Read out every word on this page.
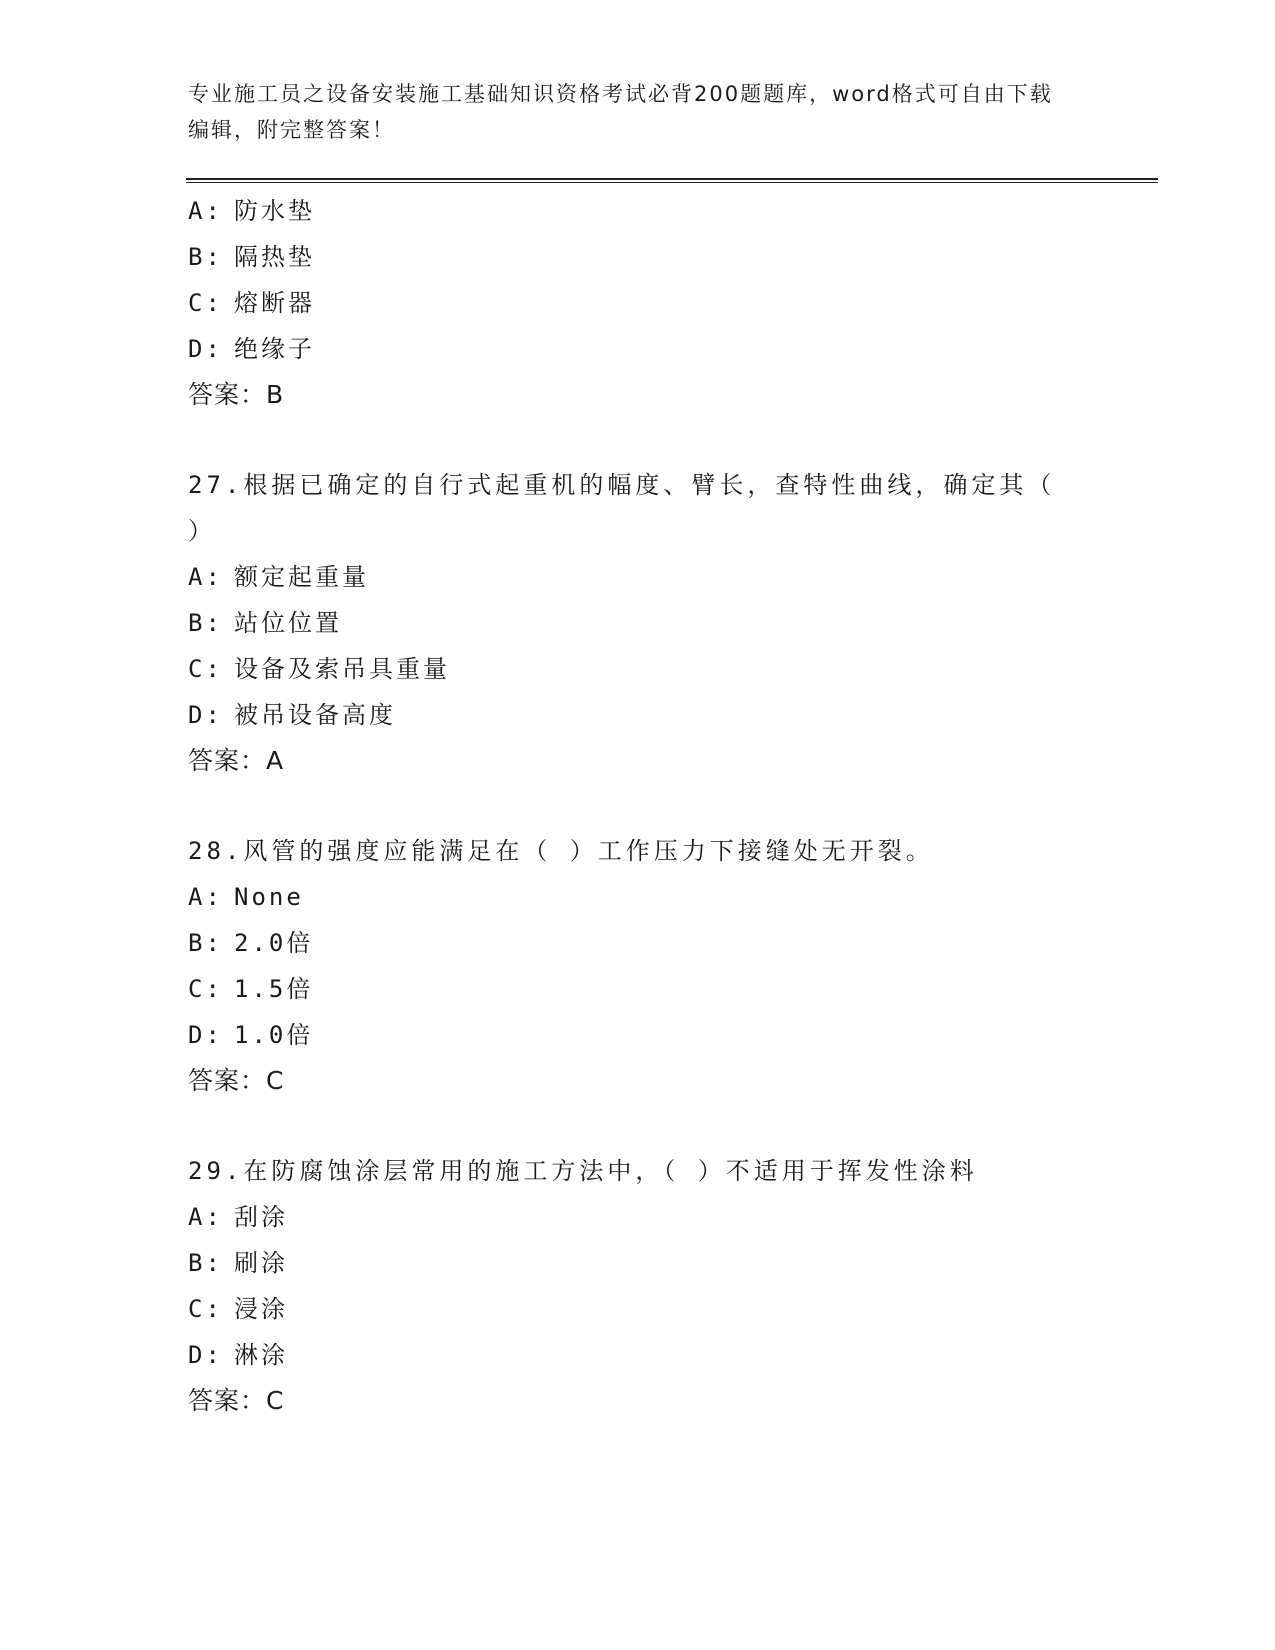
专业施工员之设备安装施工基础知识资格考试必背200题题库，word格式可自由下载编辑，附完整答案！
A: 防水垫
B: 隔热垫
C: 熔断器
D: 绝缘子
答案：B
27.根据已确定的自行式起重机的幅度、臂长，查特性曲线，确定其（ ）
A: 额定起重量
B: 站位位置
C: 设备及索吊具重量
D: 被吊设备高度
答案：A
28.风管的强度应能满足在（ ）工作压力下接缝处无开裂。
A: None
B: 2.0倍
C: 1.5倍
D: 1.0倍
答案：C
29.在防腐蚀涂层常用的施工方法中，（ ）不适用于挥发性涂料
A: 刮涂
B: 刷涂
C: 浸涂
D: 淋涂
答案：C
